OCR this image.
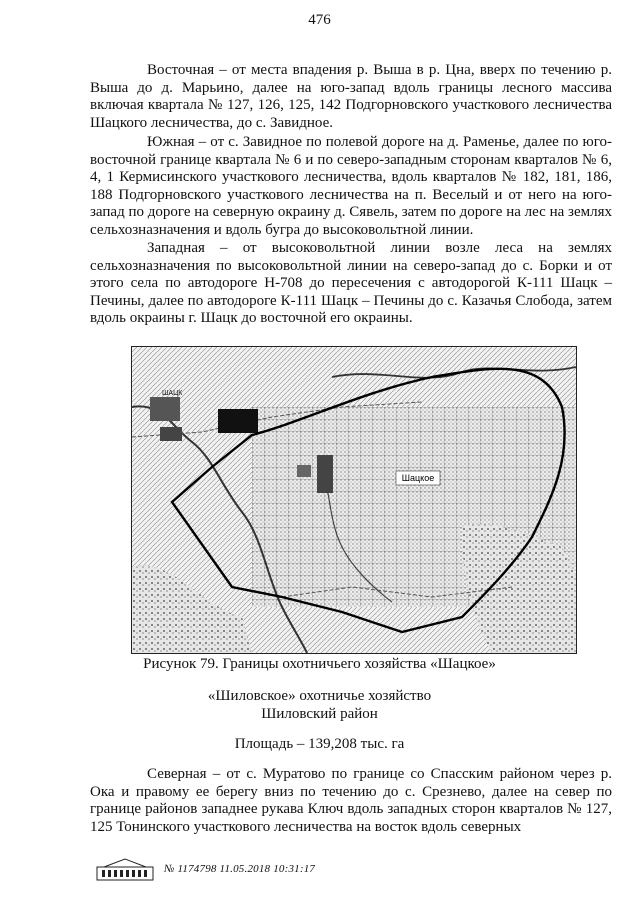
476

Восточная – от места впадения р. Выша в р. Цна, вверх по течению р. Выша до д. Марьино, далее на юго-запад вдоль границы лесного массива включая квартала № 127, 126, 125, 142 Подгорновского участкового лесничества Шацкого лесничества, до с. Завидное.

Южная – от с. Завидное по полевой дороге на д. Раменье, далее по юго-восточной границе квартала № 6 и по северо-западным сторонам кварталов № 6, 4, 1 Кермисинского участкового лесничества, вдоль кварталов № 182, 181, 186, 188 Подгорновского участкового лесничества на п. Веселый и от него на юго-запад по дороге на северную окраину д. Сявель, затем по дороге на лес на землях сельхозназначения и вдоль бугра до высоковольтной линии.

Западная – от высоковольтной линии возле леса на землях сельхозназначения по высоковольтной линии на северо-запад до с. Борки и от этого села по автодороге Н-708 до пересечения с автодорогой К-111 Шацк – Печины, далее по автодороге К-111 Шацк – Печины до с. Казачья Слобода, затем вдоль окраины г. Шацк до восточной его окраины.

ШАЦК
Шацкое
Рисунок 79. Границы охотничьего хозяйства «Шацкое»
«Шиловское» охотничье хозяйство
Шиловский район
Площадь – 139,208 тыс. га

Северная – от с. Муратово по границе со Спасским районом через р. Ока и правому ее берегу вниз по течению до с. Срезнево, далее на север по границе районов западнее рукава Ключ вдоль западных сторон кварталов № 127, 125 Тонинского участкового лесничества на восток вдоль северных

№ 1174798 11.05.2018 10:31:17
